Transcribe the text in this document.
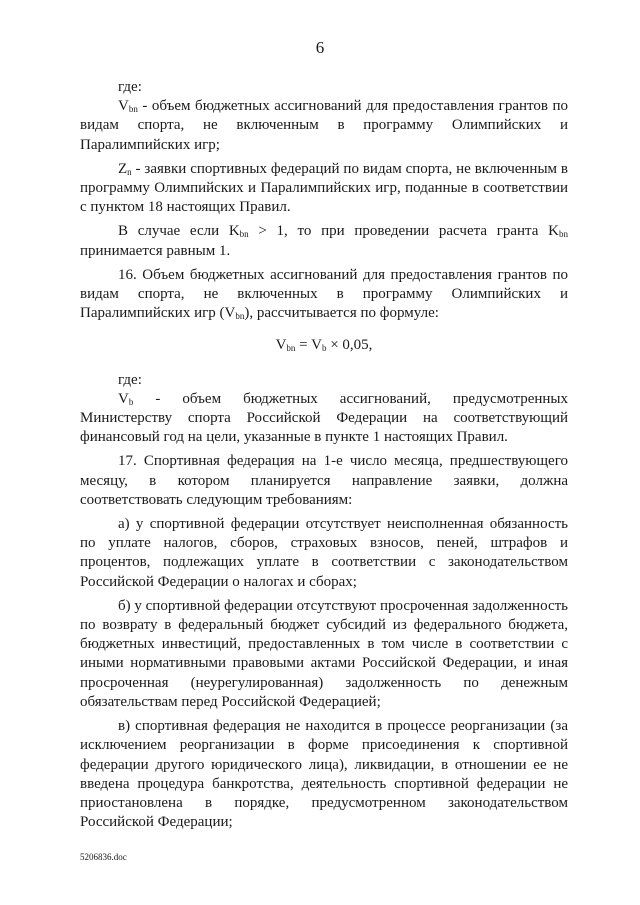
6

где:

$V_{bn}$ - объем бюджетных ассигнований для предоставления грантов по видам спорта, не включенным в программу Олимпийских и Паралимпийских игр;

$Z_n$ - заявки спортивных федераций по видам спорта, не включенным в программу Олимпийских и Паралимпийских игр, поданные в соответствии с пунктом 18 настоящих Правил.

В случае если $K_{bn} > 1$, то при проведении расчета гранта $K_{bn}$ принимается равным 1.

16. Объем бюджетных ассигнований для предоставления грантов по видам спорта, не включенных в программу Олимпийских и Паралимпийских игр $(V_{bn})$, рассчитывается по формуле:

$V_{bn} = V_b \times 0,05$,

где:

$V_b$ - объем бюджетных ассигнований, предусмотренных Министерству спорта Российской Федерации на соответствующий финансовый год на цели, указанные в пункте 1 настоящих Правил.

17. Спортивная федерация на 1-е число месяца, предшествующего месяцу, в котором планируется направление заявки, должна соответствовать следующим требованиям:

а) у спортивной федерации отсутствует неисполненная обязанность по уплате налогов, сборов, страховых взносов, пеней, штрафов и процентов, подлежащих уплате в соответствии с законодательством Российской Федерации о налогах и сборах;

б) у спортивной федерации отсутствуют просроченная задолженность по возврату в федеральный бюджет субсидий из федерального бюджета, бюджетных инвестиций, предоставленных в том числе в соответствии с иными нормативными правовыми актами Российской Федерации, и иная просроченная (неурегулированная) задолженность по денежным обязательствам перед Российской Федерацией;

в) спортивная федерация не находится в процессе реорганизации (за исключением реорганизации в форме присоединения к спортивной федерации другого юридического лица), ликвидации, в отношении ее не введена процедура банкротства, деятельность спортивной федерации не приостановлена в порядке, предусмотренном законодательством Российской Федерации;

5206836.doc
